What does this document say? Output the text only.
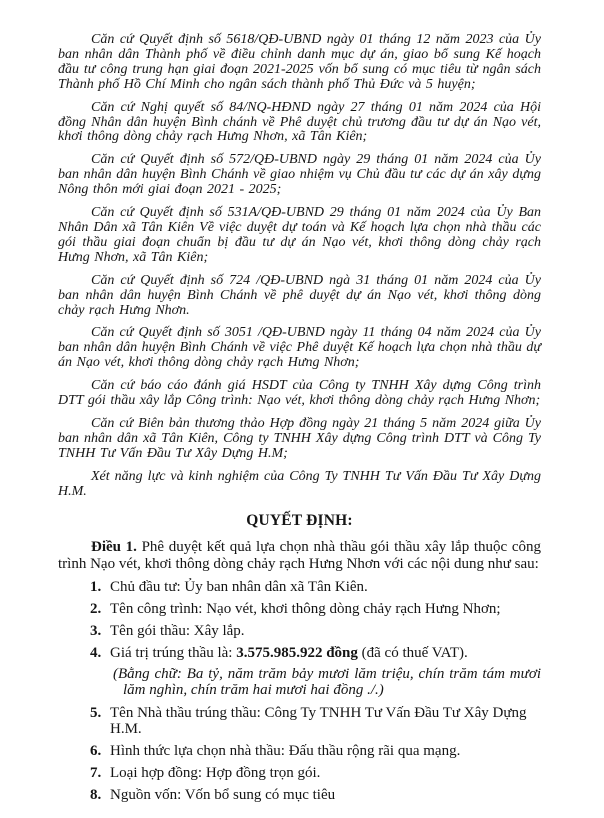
Căn cứ Quyết định số 5618/QĐ-UBND ngày 01 tháng 12 năm 2023 của Ủy ban nhân dân Thành phố về điều chỉnh danh mục dự án, giao bổ sung Kế hoạch đầu tư công trung hạn giai đoạn 2021-2025 vốn bổ sung có mục tiêu từ ngân sách Thành phố Hồ Chí Minh cho ngân sách thành phố Thủ Đức và 5 huyện;

Căn cứ Nghị quyết số 84/NQ-HĐND ngày 27 tháng 01 năm 2024 của Hội đồng Nhân dân huyện Bình chánh về Phê duyệt chủ trương đầu tư dự án Nạo vét, khơi thông dòng chảy rạch Hưng Nhơn, xã Tân Kiên;

Căn cứ Quyết định số 572/QĐ-UBND ngày 29 tháng 01 năm 2024 của Ủy ban nhân dân huyện Bình Chánh về giao nhiệm vụ Chủ đầu tư các dự án xây dựng Nông thôn mới giai đoạn 2021 - 2025;

Căn cứ Quyết định số 531A/QĐ-UBND 29 tháng 01 năm 2024 của Ủy Ban Nhân Dân xã Tân Kiên Về việc duyệt dự toán và Kế hoạch lựa chọn nhà thầu các gói thầu giai đoạn chuẩn bị đầu tư dự án Nạo vét, khơi thông dòng chảy rạch Hưng Nhơn, xã Tân Kiên;

Căn cứ Quyết định số 724 /QĐ-UBND ngà 31 tháng 01 năm 2024 của Ủy ban nhân dân huyện Bình Chánh về phê duyệt dự án Nạo vét, khơi thông dòng chảy rạch Hưng Nhơn.

Căn cứ Quyết định số 3051 /QĐ-UBND ngày 11 tháng 04 năm 2024 của Ủy ban nhân dân huyện Bình Chánh về việc Phê duyệt Kế hoạch lựa chọn nhà thầu dự án Nạo vét, khơi thông dòng chảy rạch Hưng Nhơn;

Căn cứ báo cáo đánh giá HSDT của Công ty TNHH Xây dựng Công trình DTT gói thầu xây lắp Công trình: Nạo vét, khơi thông dòng chảy rạch Hưng Nhơn;

Căn cứ Biên bản thương thảo Hợp đồng ngày 21 tháng 5 năm 2024 giữa Ủy ban nhân dân xã Tân Kiên, Công ty TNHH Xây dựng Công trình DTT và Công Ty TNHH Tư Vấn Đầu Tư Xây Dựng H.M;

Xét năng lực và kinh nghiệm của Công Ty TNHH Tư Vấn Đầu Tư Xây Dựng H.M.

QUYẾT ĐỊNH:

Điều 1. Phê duyệt kết quả lựa chọn nhà thầu gói thầu xây lắp thuộc công trình Nạo vét, khơi thông dòng chảy rạch Hưng Nhơn với các nội dung như sau:

1. Chủ đầu tư: Ủy ban nhân dân xã Tân Kiên.
2. Tên công trình: Nạo vét, khơi thông dòng chảy rạch Hưng Nhơn;
3. Tên gói thầu: Xây lắp.
4. Giá trị trúng thầu là: 3.575.985.922 đồng (đã có thuế VAT).
(Bằng chữ: Ba tỷ, năm trăm bảy mươi lăm triệu, chín trăm tám mươi lăm nghìn, chín trăm hai mươi hai đồng ./.)
5. Tên Nhà thầu trúng thầu: Công Ty TNHH Tư Vấn Đầu Tư Xây Dựng H.M.
6. Hình thức lựa chọn nhà thầu: Đấu thầu rộng rãi qua mạng.
7. Loại hợp đồng: Hợp đồng trọn gói.
8. Nguồn vốn: Vốn bổ sung có mục tiêu
